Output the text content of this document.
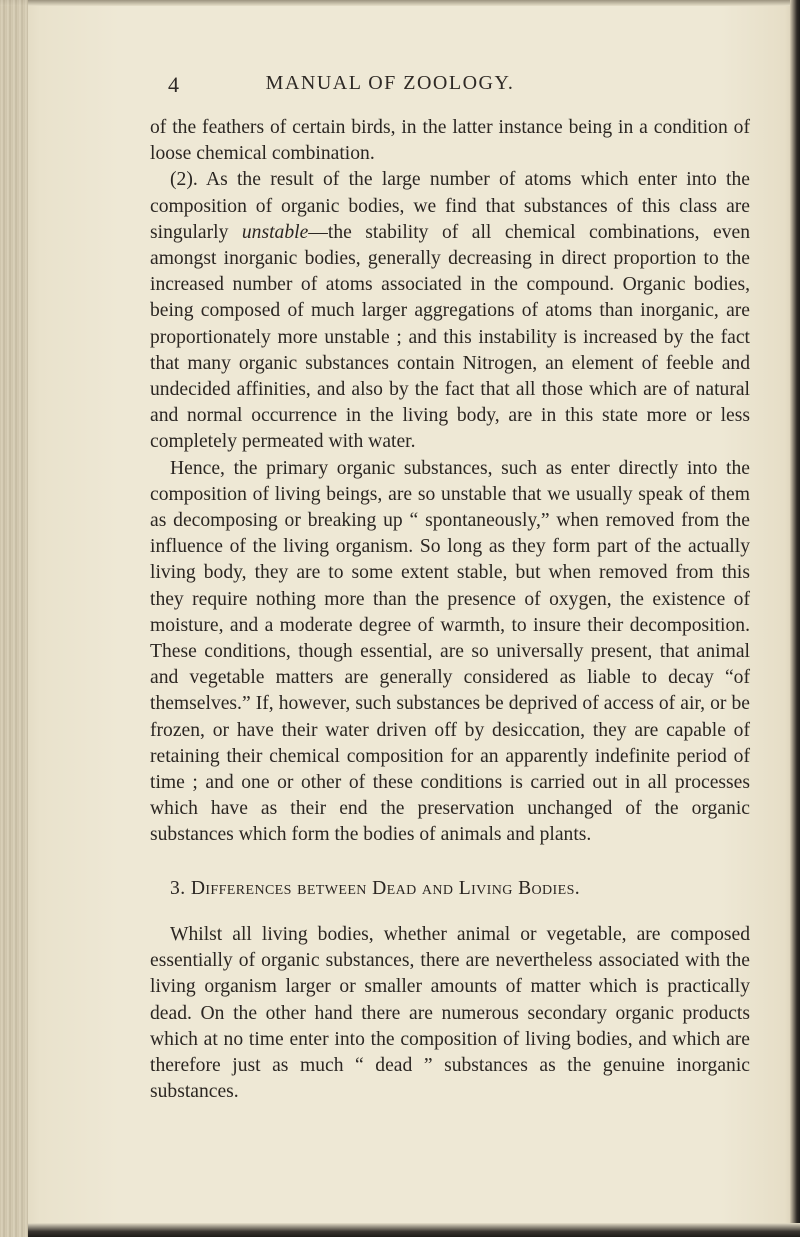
4	MANUAL OF ZOOLOGY.

of the feathers of certain birds, in the latter instance being in a condition of loose chemical combination.

(2). As the result of the large number of atoms which enter into the composition of organic bodies, we find that substances of this class are singularly unstable—the stability of all chemical combinations, even amongst inorganic bodies, generally decreasing in direct proportion to the increased number of atoms associated in the compound. Organic bodies, being composed of much larger aggregations of atoms than inorganic, are proportionately more unstable ; and this instability is increased by the fact that many organic substances contain Nitrogen, an element of feeble and undecided affinities, and also by the fact that all those which are of natural and normal occurrence in the living body, are in this state more or less completely permeated with water.

Hence, the primary organic substances, such as enter directly into the composition of living beings, are so unstable that we usually speak of them as decomposing or breaking up “ spontaneously,” when removed from the influence of the living organism. So long as they form part of the actually living body, they are to some extent stable, but when removed from this they require nothing more than the presence of oxygen, the existence of moisture, and a moderate degree of warmth, to insure their decomposition. These conditions, though essential, are so universally present, that animal and vegetable matters are generally considered as liable to decay “of themselves.” If, however, such substances be deprived of access of air, or be frozen, or have their water driven off by desiccation, they are capable of retaining their chemical composition for an apparently indefinite period of time ; and one or other of these conditions is carried out in all processes which have as their end the preservation unchanged of the organic substances which form the bodies of animals and plants.

3. Differences between Dead and Living Bodies.

Whilst all living bodies, whether animal or vegetable, are composed essentially of organic substances, there are nevertheless associated with the living organism larger or smaller amounts of matter which is practically dead. On the other hand there are numerous secondary organic products which at no time enter into the composition of living bodies, and which are therefore just as much “ dead ” substances as the genuine inorganic substances.
